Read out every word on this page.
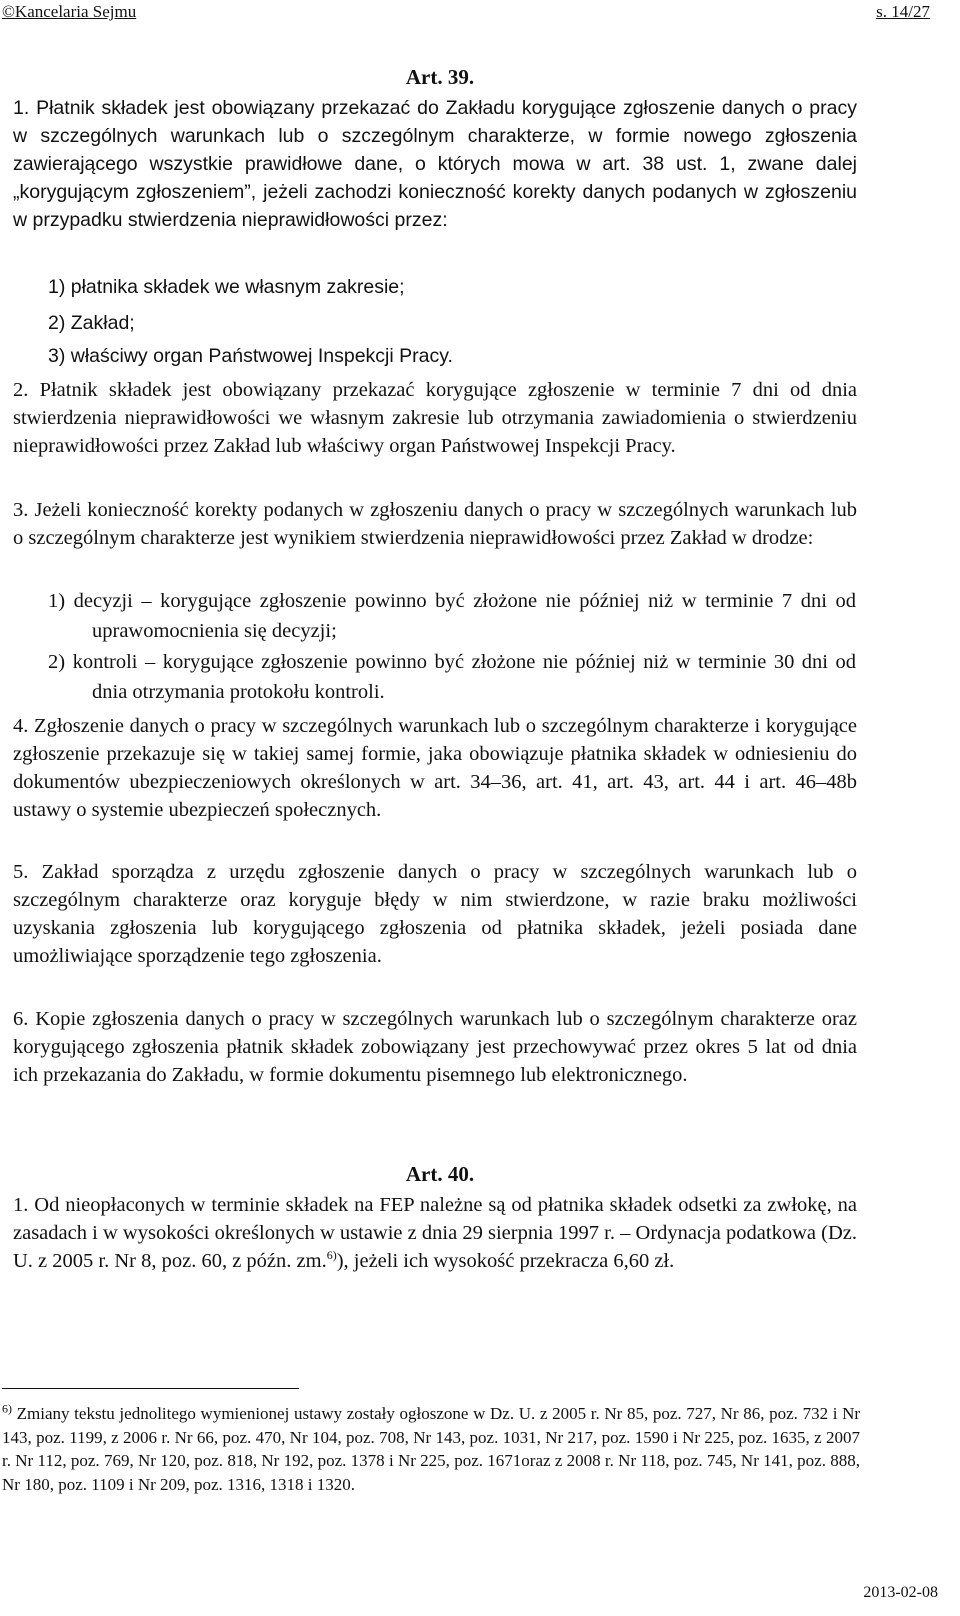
©Kancelaria Sejmu	s. 14/27
Art. 39.
1. Płatnik składek jest obowiązany przekazać do Zakładu korygujące zgłoszenie danych o pracy w szczególnych warunkach lub o szczególnym charakterze, w formie nowego zgłoszenia zawierającego wszystkie prawidłowe dane, o których mowa w art. 38 ust. 1, zwane dalej „korygującym zgłoszeniem”, jeżeli zachodzi konieczność korekty danych podanych w zgłoszeniu w przypadku stwierdzenia nieprawidłowości przez:
1) płatnika składek we własnym zakresie;
2) Zakład;
3) właściwy organ Państwowej Inspekcji Pracy.
2. Płatnik składek jest obowiązany przekazać korygujące zgłoszenie w terminie 7 dni od dnia stwierdzenia nieprawidłowości we własnym zakresie lub otrzymania zawiadomienia o stwierdzeniu nieprawidłowości przez Zakład lub właściwy organ Państwowej Inspekcji Pracy.
3. Jeżeli konieczność korekty podanych w zgłoszeniu danych o pracy w szczególnych warunkach lub o szczególnym charakterze jest wynikiem stwierdzenia nieprawidłowości przez Zakład w drodze:
1) decyzji – korygujące zgłoszenie powinno być złożone nie później niż w terminie 7 dni od uprawomocnienia się decyzji;
2) kontroli – korygujące zgłoszenie powinno być złożone nie później niż w terminie 30 dni od dnia otrzymania protokołu kontroli.
4. Zgłoszenie danych o pracy w szczególnych warunkach lub o szczególnym charakterze i korygujące zgłoszenie przekazuje się w takiej samej formie, jaka obowiązuje płatnika składek w odniesieniu do dokumentów ubezpieczeniowych określonych w art. 34–36, art. 41, art. 43, art. 44 i art. 46–48b ustawy o systemie ubezpieczeń społecznych.
5. Zakład sporządza z urzędu zgłoszenie danych o pracy w szczególnych warunkach lub o szczególnym charakterze oraz koryguje błędy w nim stwierdzone, w razie braku możliwości uzyskania zgłoszenia lub korygującego zgłoszenia od płatnika składek, jeżeli posiada dane umożliwiające sporządzenie tego zgłoszenia.
6. Kopie zgłoszenia danych o pracy w szczególnych warunkach lub o szczególnym charakterze oraz korygującego zgłoszenia płatnik składek zobowiązany jest przechowywać przez okres 5 lat od dnia ich przekazania do Zakładu, w formie dokumentu pisemnego lub elektronicznego.
Art. 40.
1. Od nieopłaconych w terminie składek na FEP należne są od płatnika składek odsetki za zwłokę, na zasadach i w wysokości określonych w ustawie z dnia 29 sierpnia 1997 r. – Ordynacja podatkowa (Dz. U. z 2005 r. Nr 8, poz. 60, z późn. zm.$^{6)}$), jeżeli ich wysokość przekracza 6,60 zł.
$^{6)}$ Zmiany tekstu jednolitego wymienionej ustawy zostały ogłoszone w Dz. U. z 2005 r. Nr 85, poz. 727, Nr 86, poz. 732 i Nr 143, poz. 1199, z 2006 r. Nr 66, poz. 470, Nr 104, poz. 708, Nr 143, poz. 1031, Nr 217, poz. 1590 i Nr 225, poz. 1635, z 2007 r. Nr 112, poz. 769, Nr 120, poz. 818, Nr 192, poz. 1378 i Nr 225, poz. 1671oraz z 2008 r. Nr 118, poz. 745, Nr 141, poz. 888, Nr 180, poz. 1109 i Nr 209, poz. 1316, 1318 i 1320.
2013-02-08
